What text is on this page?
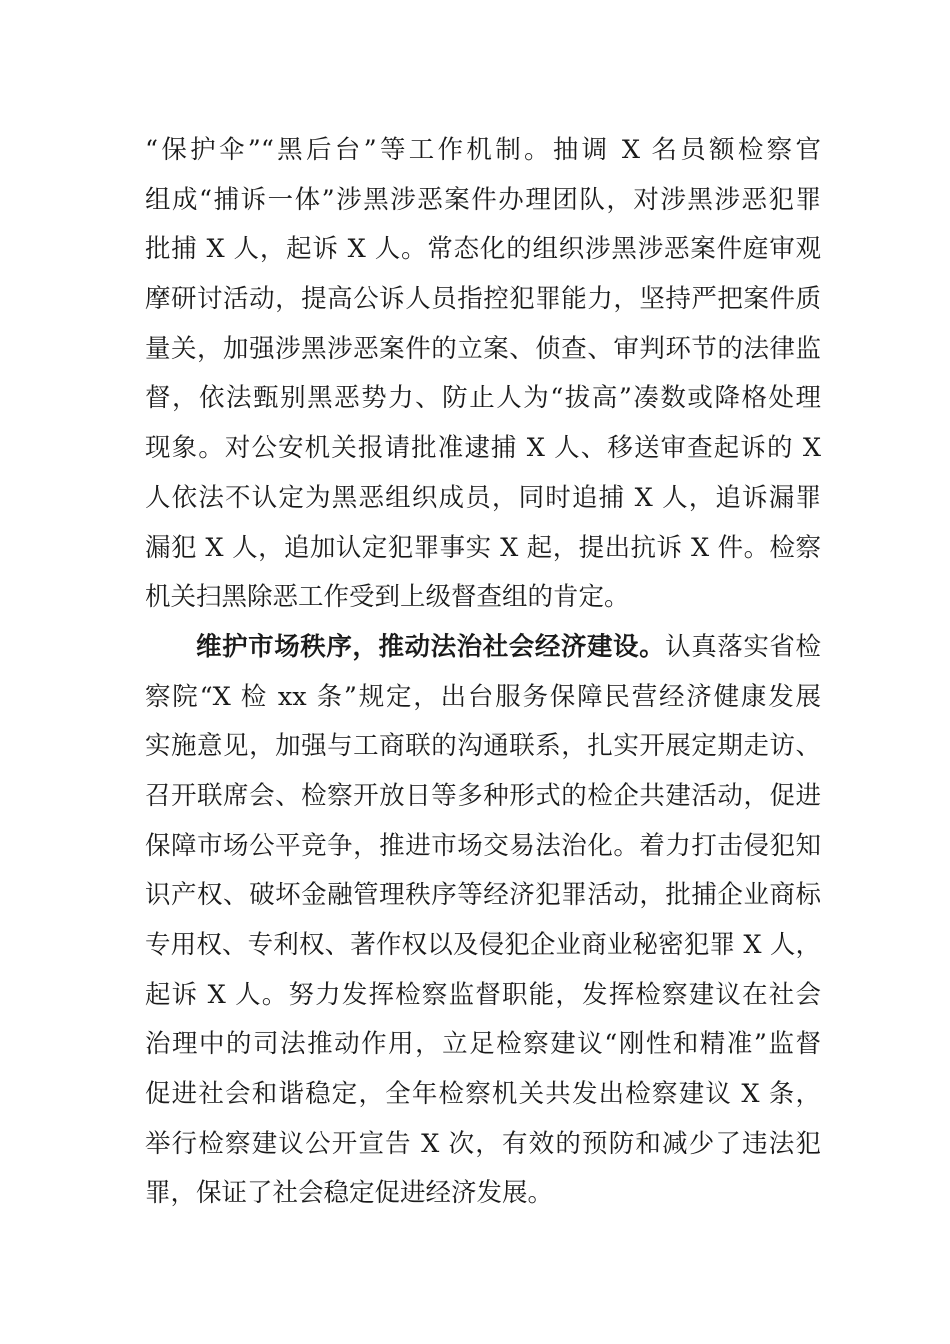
“保护伞”“黑后台”等工作机制。抽调 X 名员额检察官
组成“捕诉一体”涉黑涉恶案件办理团队，对涉黑涉恶犯罪
批捕 X 人，起诉 X 人。常态化的组织涉黑涉恶案件庭审观
摩研讨活动，提高公诉人员指控犯罪能力，坚持严把案件质
量关，加强涉黑涉恶案件的立案、侦查、审判环节的法律监
督，依法甄别黑恶势力、防止人为“拔高”凑数或降格处理
现象。对公安机关报请批准逮捕 X 人、移送审查起诉的 X
人依法不认定为黑恶组织成员，同时追捕 X 人，追诉漏罪
漏犯 X 人，追加认定犯罪事实 X 起，提出抗诉 X 件。检察
机关扫黑除恶工作受到上级督查组的肯定。
维护市场秩序，推动法治社会经济建设。认真落实省检
察院“X 检 xx 条”规定，出台服务保障民营经济健康发展
实施意见，加强与工商联的沟通联系，扎实开展定期走访、
召开联席会、检察开放日等多种形式的检企共建活动，促进
保障市场公平竞争，推进市场交易法治化。着力打击侵犯知
识产权、破坏金融管理秩序等经济犯罪活动，批捕企业商标
专用权、专利权、著作权以及侵犯企业商业秘密犯罪 X 人，
起诉 X 人。努力发挥检察监督职能，发挥检察建议在社会
治理中的司法推动作用，立足检察建议“刚性和精准”监督
促进社会和谐稳定，全年检察机关共发出检察建议 X 条，
举行检察建议公开宣告 X 次，有效的预防和减少了违法犯
罪，保证了社会稳定促进经济发展。
